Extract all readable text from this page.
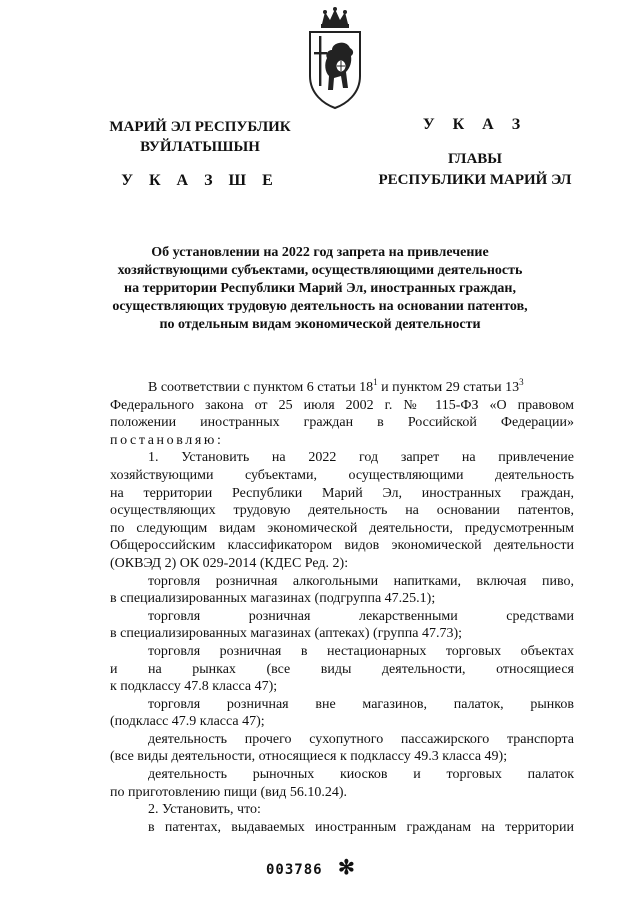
МАРИЙ ЭЛ РЕСПУБЛИК
ВУЙЛАТЫШЫН
У К А З Ш Е
У К А З
ГЛАВЫ
РЕСПУБЛИКИ МАРИЙ ЭЛ
Об установлении на 2022 год запрета на привлечение
хозяйствующими субъектами, осуществляющими деятельность
на территории Республики Марий Эл, иностранных граждан,
осуществляющих трудовую деятельность на основании патентов,
по отдельным видам экономической деятельности
В соответствии с пунктом 6 статьи $18^1$ и пунктом 29 статьи $13^3$
Федерального закона от 25 июля 2002 г. № 115-ФЗ «О правовом
положении иностранных граждан в Российской Федерации»
постановляю:
1. Установить на 2022 год запрет на привлечение
хозяйствующими субъектами, осуществляющими деятельность
на территории Республики Марий Эл, иностранных граждан,
осуществляющих трудовую деятельность на основании патентов,
по следующим видам экономической деятельности, предусмотренным
Общероссийским классификатором видов экономической деятельности
(ОКВЭД 2) ОК 029-2014 (КДЕС Ред. 2):
торговля розничная алкогольными напитками, включая пиво,
в специализированных магазинах (подгруппа 47.25.1);
торговля розничная лекарственными средствами
в специализированных магазинах (аптеках) (группа 47.73);
торговля розничная в нестационарных торговых объектах
и на рынках (все виды деятельности, относящиеся
к подклассу 47.8 класса 47);
торговля розничная вне магазинов, палаток, рынков
(подкласс 47.9 класса 47);
деятельность прочего сухопутного пассажирского транспорта
(все виды деятельности, относящиеся к подклассу 49.3 класса 49);
деятельность рыночных киосков и торговых палаток
по приготовлению пищи (вид 56.10.24).
2. Установить, что:
в патентах, выдаваемых иностранным гражданам на территории
003786 ✻
